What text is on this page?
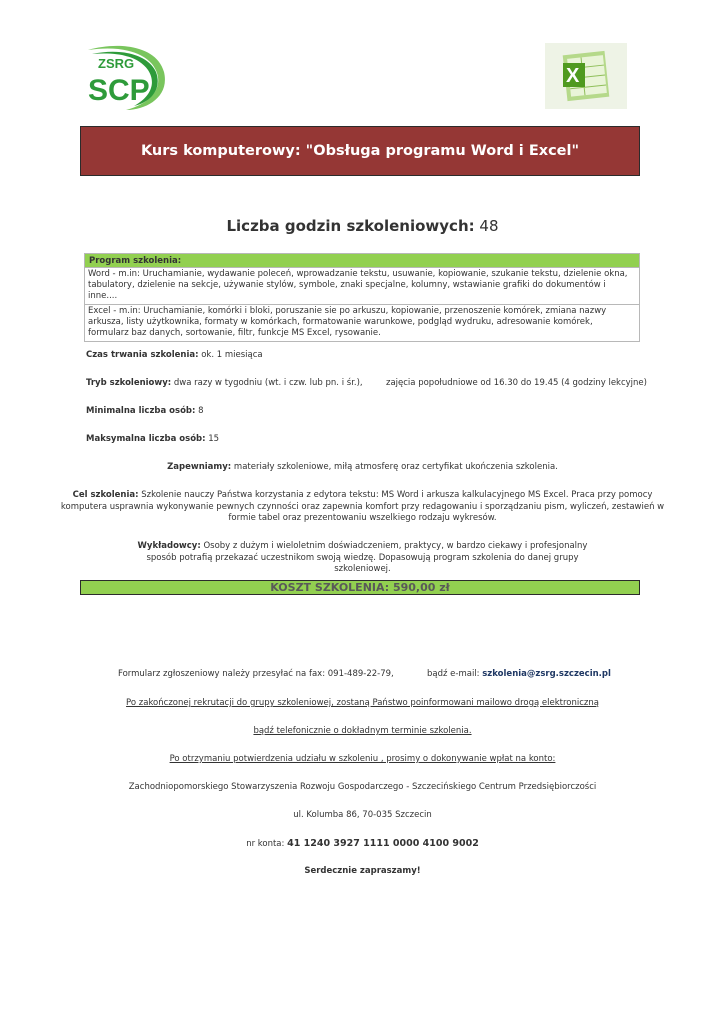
ZSRG
SCP	X
Kurs komputerowy: "Obsługa programu Word i Excel"
Liczba godzin szkoleniowych: 48
Program szkolenia:
Word - m.in: Uruchamianie, wydawanie poleceń, wprowadzanie tekstu, usuwanie, kopiowanie, szukanie tekstu, dzielenie okna, tabulatory, dzielenie na sekcje, używanie stylów, symbole, znaki specjalne, kolumny, wstawianie grafiki do dokumentów i inne....
Excel - m.in: Uruchamianie, komórki i bloki, poruszanie sie po arkuszu, kopiowanie, przenoszenie komórek, zmiana nazwy arkusza, listy użytkownika, formaty w komórkach, formatowanie warunkowe, podgląd wydruku, adresowanie komórek, formularz baz danych, sortowanie, filtr, funkcje MS Excel, rysowanie.
Czas trwania szkolenia: ok. 1 miesiąca
Tryb szkoleniowy: dwa razy w tygodniu (wt. i czw. lub pn. i śr.),	zajęcia popołudniowe od 16.30 do 19.45 (4 godziny lekcyjne)
Minimalna liczba osób: 8
Maksymalna liczba osób: 15
Zapewniamy: materiały szkoleniowe, miłą atmosferę oraz certyfikat ukończenia szkolenia.
Cel szkolenia: Szkolenie nauczy Państwa korzystania z edytora tekstu: MS Word i arkusza kalkulacyjnego MS Excel. Praca przy pomocy komputera usprawnia wykonywanie pewnych czynności oraz zapewnia komfort przy redagowaniu i sporządzaniu pism, wyliczeń, zestawień w formie tabel oraz prezentowaniu wszelkiego rodzaju wykresów.
Wykładowcy: Osoby z dużym i wieloletnim doświadczeniem, praktycy, w bardzo ciekawy i profesjonalny sposób potrafią przekazać uczestnikom swoją wiedzę. Dopasowują program szkolenia do danej grupy szkoleniowej.
KOSZT SZKOLENIA: 590,00 zł
Formularz zgłoszeniowy należy przesyłać na fax: 091-489-22-79,	bądź e-mail: szkolenia@zsrg.szczecin.pl
Po zakończonej rekrutacji do grupy szkoleniowej, zostaną Państwo poinformowani mailowo drogą elektroniczną
bądź telefonicznie o dokładnym terminie szkolenia.
Po otrzymaniu potwierdzenia udziału w szkoleniu , prosimy o dokonywanie wpłat na konto:
Zachodniopomorskiego Stowarzyszenia Rozwoju Gospodarczego - Szczecińskiego Centrum Przedsiębiorczości
ul. Kolumba 86, 70-035 Szczecin
nr konta: 41 1240 3927 1111 0000 4100 9002
Serdecznie zapraszamy!
